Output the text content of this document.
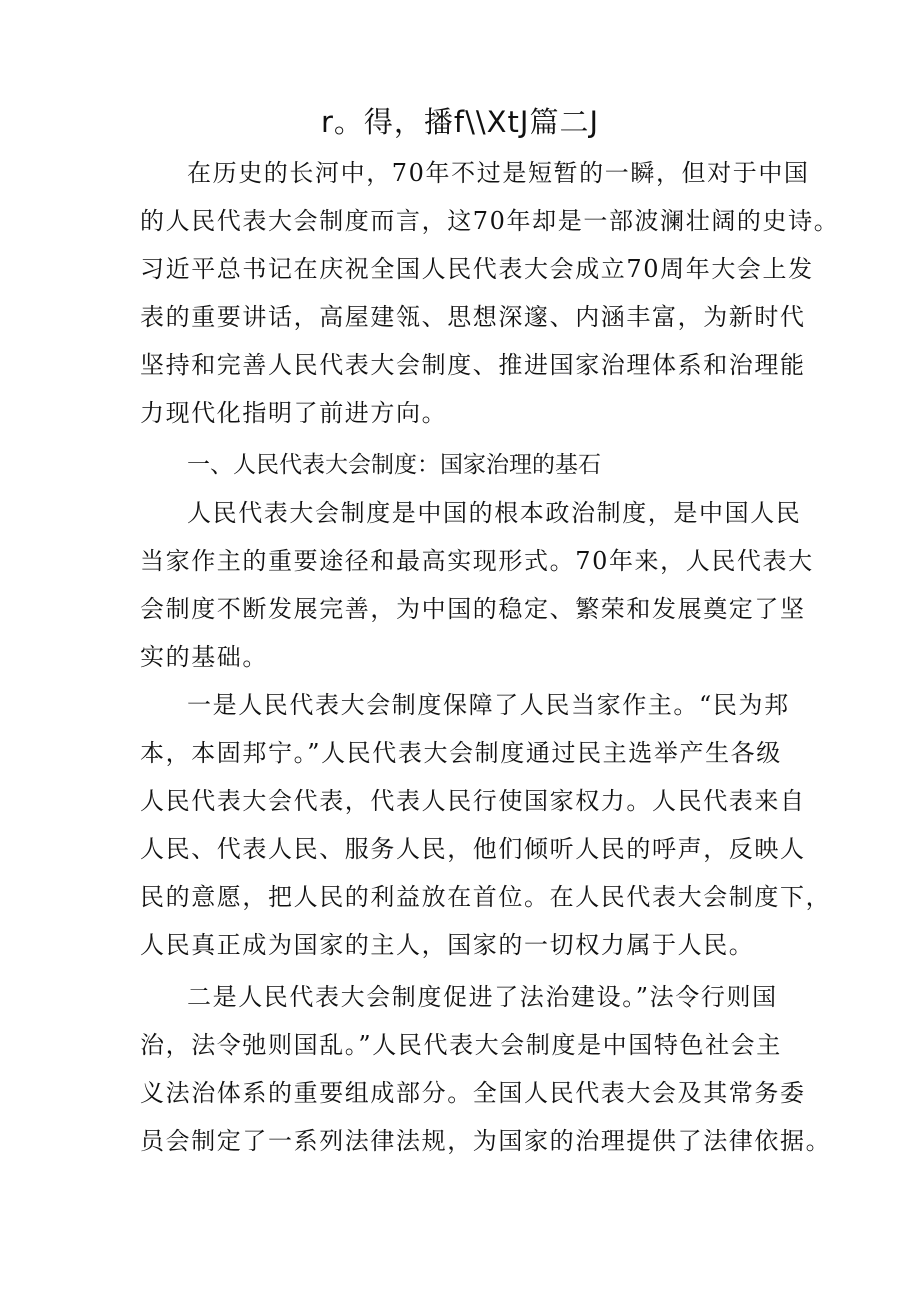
r。得，播f\\XtJ篇二J
在历史的长河中，70年不过是短暂的一瞬，但对于中国
的人民代表大会制度而言，这70年却是一部波澜壮阔的史诗。
习近平总书记在庆祝全国人民代表大会成立70周年大会上发
表的重要讲话，高屋建瓴、思想深邃、内涵丰富，为新时代
坚持和完善人民代表大会制度、推进国家治理体系和治理能
力现代化指明了前进方向。
一、人民代表大会制度：国家治理的基石
人民代表大会制度是中国的根本政治制度，是中国人民
当家作主的重要途径和最高实现形式。70年来，人民代表大
会制度不断发展完善，为中国的稳定、繁荣和发展奠定了坚
实的基础。
一是人民代表大会制度保障了人民当家作主。“民为邦
本，本固邦宁。”人民代表大会制度通过民主选举产生各级
人民代表大会代表，代表人民行使国家权力。人民代表来自
人民、代表人民、服务人民，他们倾听人民的呼声，反映人
民的意愿，把人民的利益放在首位。在人民代表大会制度下，
人民真正成为国家的主人，国家的一切权力属于人民。
二是人民代表大会制度促进了法治建设。”法令行则国
治，法令弛则国乱。”人民代表大会制度是中国特色社会主
义法治体系的重要组成部分。全国人民代表大会及其常务委
员会制定了一系列法律法规，为国家的治理提供了法律依据。
